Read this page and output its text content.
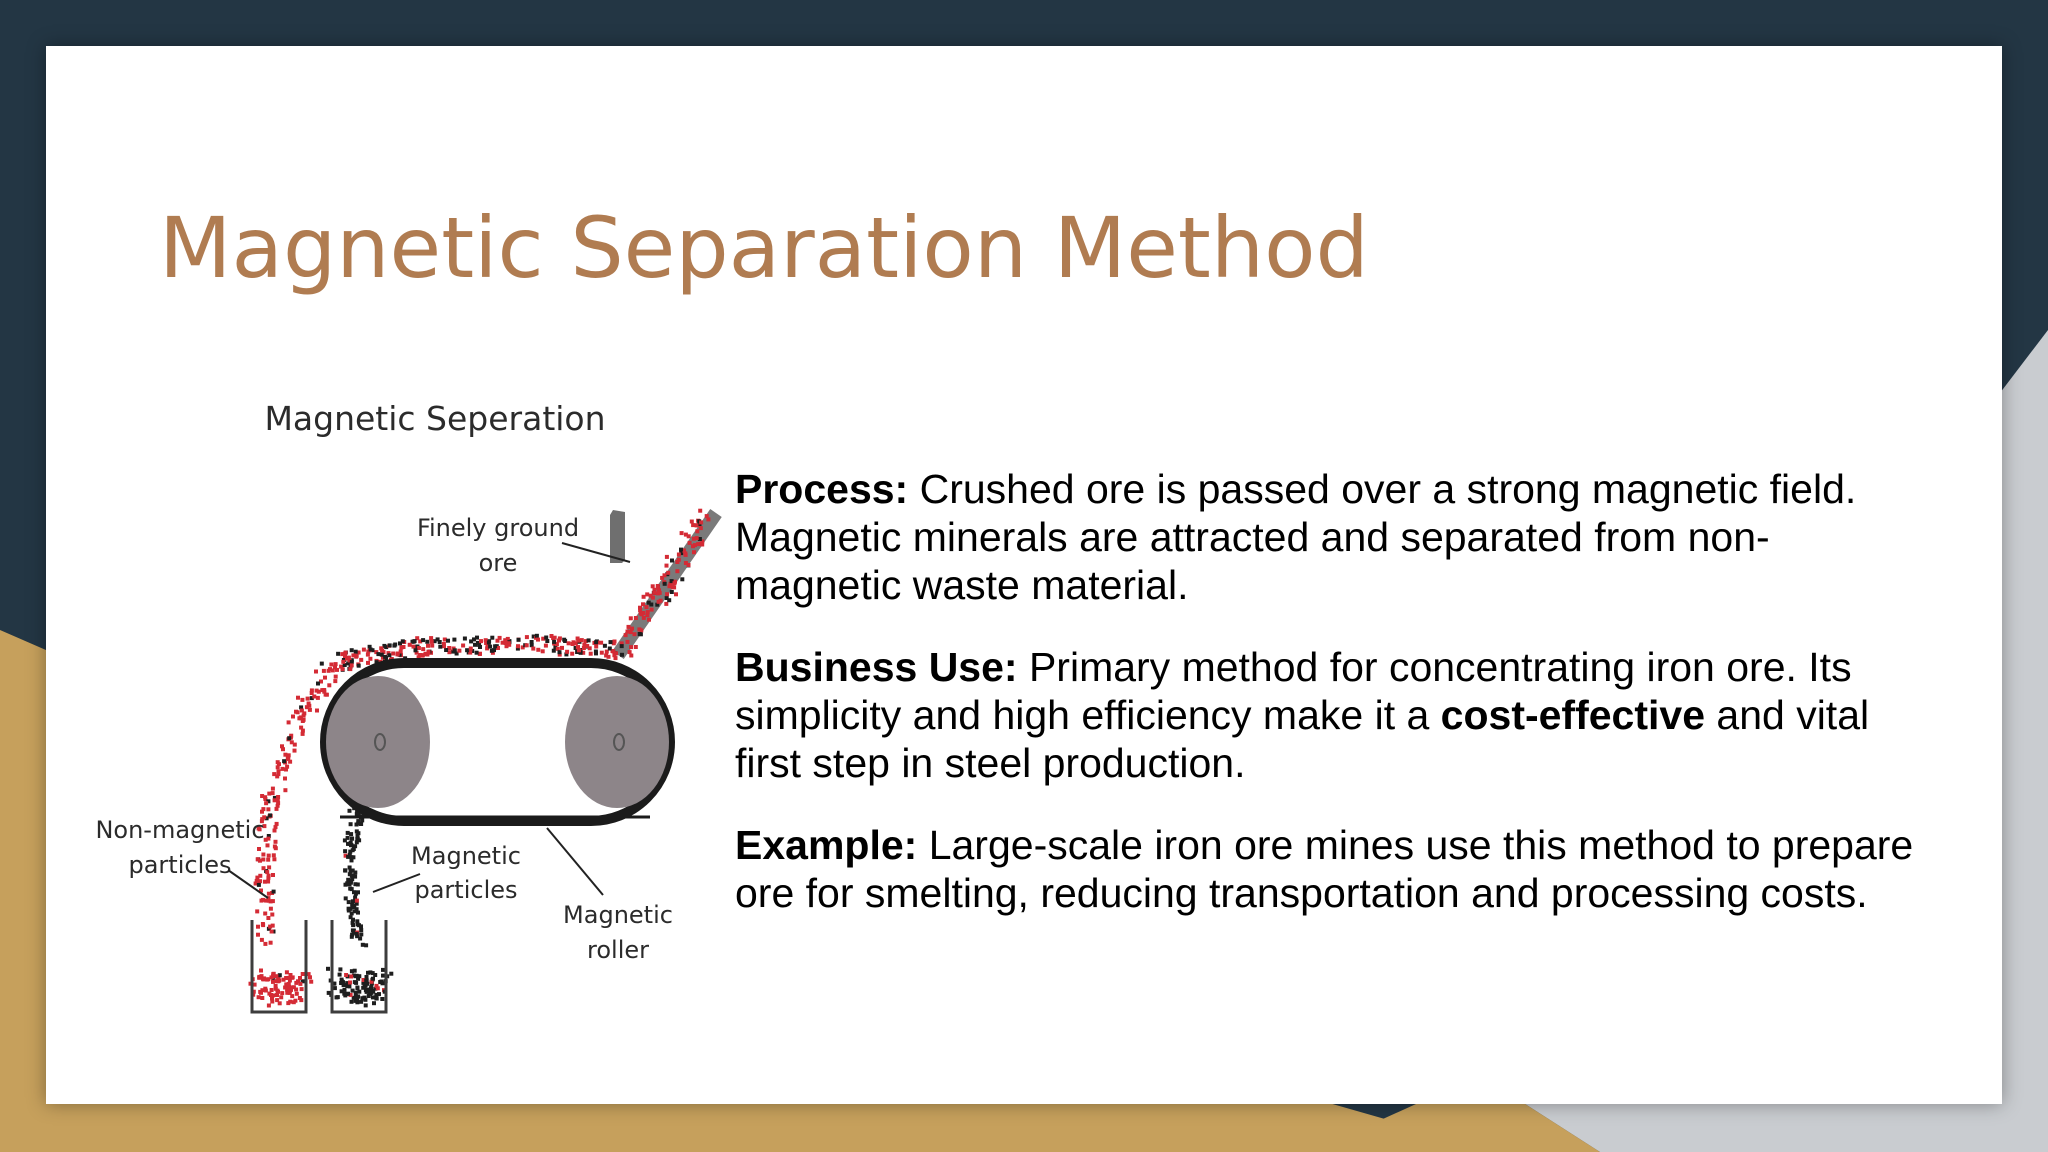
Magnetic Separation Method
Magnetic Seperation
Finely ground
ore
Non-magnetic
particles	Magnetic
particles
Magnetic
roller

Process: Crushed ore is passed over a strong magnetic field. Magnetic minerals are attracted and separated from non-magnetic waste material.

Business Use: Primary method for concentrating iron ore. Its simplicity and high efficiency make it a cost-effective and vital first step in steel production.

Example: Large-scale iron ore mines use this method to prepare ore for smelting, reducing transportation and processing costs.
